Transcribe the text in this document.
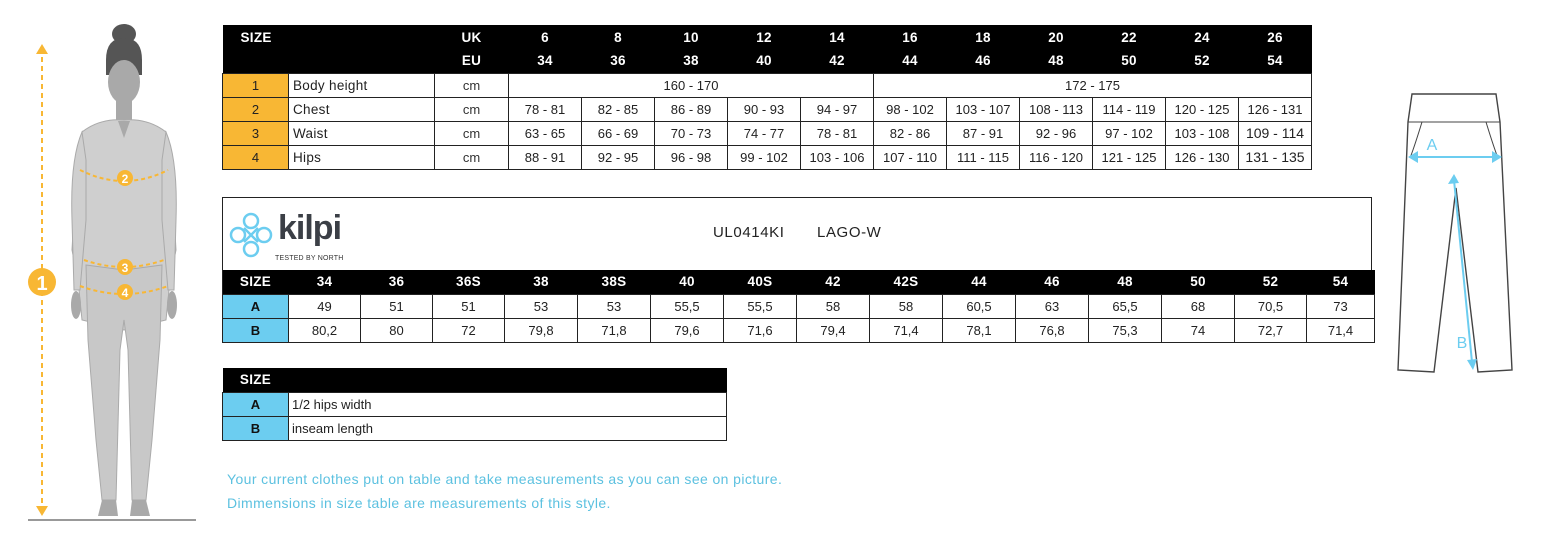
1
2
3
4
SIZE		UK	6	8	10	12	14	16	18	20	22	24	26
		EU	34	36	38	40	42	44	46	48	50	52	54
1	Body height	cm	160 - 170					172 - 175					
2	Chest	cm	78 - 81	82 - 85	86 - 89	90 - 93	94 - 97	98 - 102	103 - 107	108 - 113	114 - 119	120 - 125	126 - 131
3	Waist	cm	63 - 65	66 - 69	70 - 73	74 - 77	78 - 81	82 - 86	87 - 91	92 - 96	97 - 102	103 - 108	109 - 114
4	Hips	cm	88 - 91	92 - 95	96 - 98	99 - 102	103 - 106	107 - 110	111 - 115	116 - 120	121 - 125	126 - 130	131 - 135
kilpi
TESTED BY NORTH
UL0414KI LAGO-W
SIZE	34	36	36S	38	38S	40	40S	42	42S	44	46	48	50	52	54
A	49	51	51	53	53	55,5	55,5	58	58	60,5	63	65,5	68	70,5	73
B	80,2	80	72	79,8	71,8	79,6	71,6	79,4	71,4	78,1	76,8	75,3	74	72,7	71,4
SIZE	
A	1/2 hips width
B	inseam length
Your current clothes put on table and take measurements as you can see on picture.
Dimmensions in size table are measurements of this style.
A
B
